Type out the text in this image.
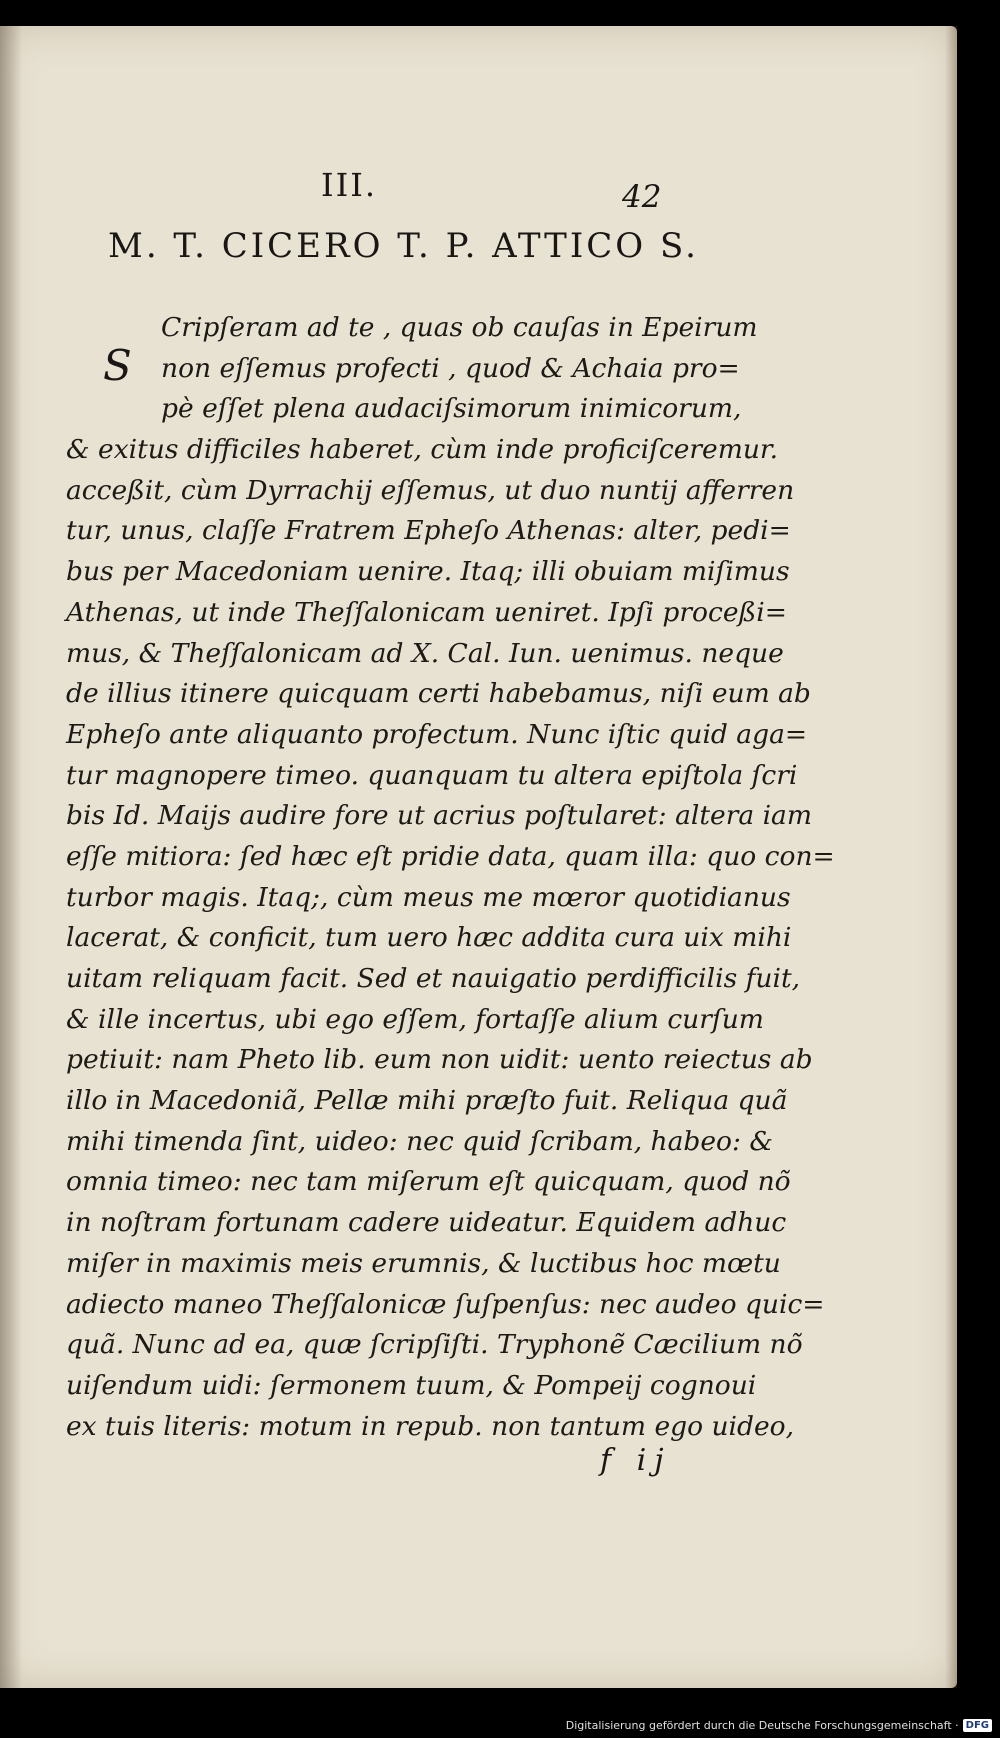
III.	42
M. T. CICERO T. P. ATTICO S.
S
Cripſeram ad te , quas ob cauſas in Epeirum
non eſſemus profecti , quod & Achaia pro=
pè eſſet plena audaciſsimorum inimicorum,
& exitus difficiles haberet, cùm inde proficiſceremur.
acceßit, cùm Dyrrachij eſſemus, ut duo nuntij afferren
tur, unus, claſſe Fratrem Epheſo Athenas: alter, pedi=
bus per Macedoniam uenire. Itaq; illi obuiam miſimus
Athenas, ut inde Theſſalonicam ueniret. Ipſi proceßi=
mus, & Theſſalonicam ad X. Cal. Iun. uenimus. neque
de illius itinere quicquam certi habebamus, niſi eum ab
Epheſo ante aliquanto profectum. Nunc iſtic quid aga=
tur magnopere timeo. quanquam tu altera epiſtola ſcri
bis Id. Maijs audire fore ut acrius poſtularet: altera iam
eſſe mitiora: ſed hæc eſt pridie data, quam illa: quo con=
turbor magis. Itaq;, cùm meus me mœror quotidianus
lacerat, & conficit, tum uero hæc addita cura uix mihi
uitam reliquam facit. Sed et nauigatio perdifficilis fuit,
& ille incertus, ubi ego eſſem, fortaſſe alium curſum
petiuit: nam Pheto lib. eum non uidit: uento reiectus ab
illo in Macedoniã, Pellæ mihi præſto fuit. Reliqua quã
mihi timenda ſint, uideo: nec quid ſcribam, habeo: &
omnia timeo: nec tam miſerum eſt quicquam, quod nõ
in noſtram fortunam cadere uideatur. Equidem adhuc
miſer in maximis meis erumnis, & luctibus hoc mœtu
adiecto maneo Theſſalonicæ ſuſpenſus: nec audeo quic=
quã. Nunc ad ea, quæ ſcripſiſti. Tryphonẽ Cæcilium nõ
uiſendum uidi: ſermonem tuum, & Pompeij cognoui
ex tuis literis: motum in repub. non tantum ego uideo,
f ij
Digitalisierung gefördert durch die Deutsche Forschungsgemeinschaft · DFG
